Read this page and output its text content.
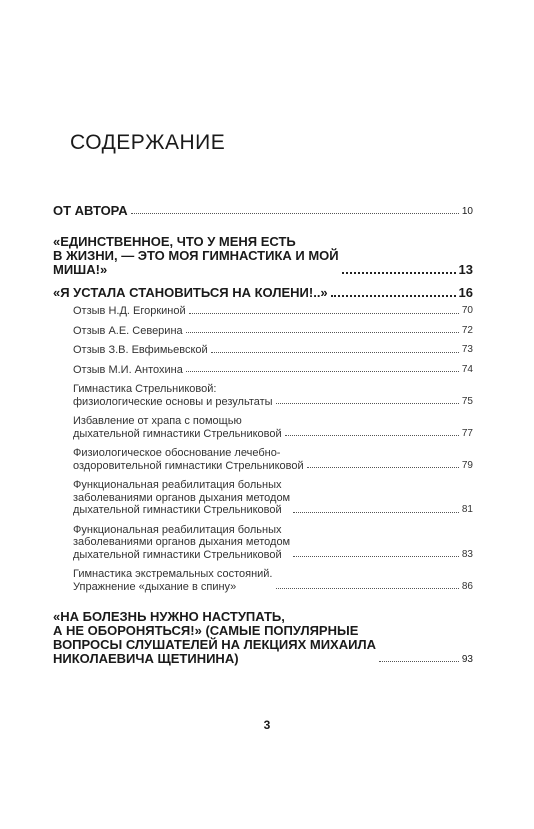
СОДЕРЖАНИЕ
ОТ АВТОРА	10
«ЕДИНСТВЕННОЕ, ЧТО У МЕНЯ ЕСТЬ
В ЖИЗНИ, — ЭТО МОЯ ГИМНАСТИКА И МОЙ
МИША!»	13
«Я УСТАЛА СТАНОВИТЬСЯ НА КОЛЕНИ!..»	16
Отзыв Н.Д. Егоркиной	70
Отзыв А.Е. Северина	72
Отзыв З.В. Евфимьевской	73
Отзыв М.И. Антохина	74
Гимнастика Стрельниковой:
физиологические основы и результаты	75
Избавление от храпа с помощью
дыхательной гимнастики Стрельниковой	77
Физиологическое обоснование лечебно-
оздоровительной гимнастики Стрельниковой	79
Функциональная реабилитация больных
заболеваниями органов дыхания методом
дыхательной гимнастики Стрельниковой	81
Функциональная реабилитация больных
заболеваниями органов дыхания методом
дыхательной гимнастики Стрельниковой	83
Гимнастика экстремальных состояний.
Упражнение «дыхание в спину»	86
«НА БОЛЕЗНЬ НУЖНО НАСТУПАТЬ,
А НЕ ОБОРОНЯТЬСЯ!» (САМЫЕ ПОПУЛЯРНЫЕ
ВОПРОСЫ СЛУШАТЕЛЕЙ НА ЛЕКЦИЯХ МИХАИЛА
НИКОЛАЕВИЧА ЩЕТИНИНА)	93
3
